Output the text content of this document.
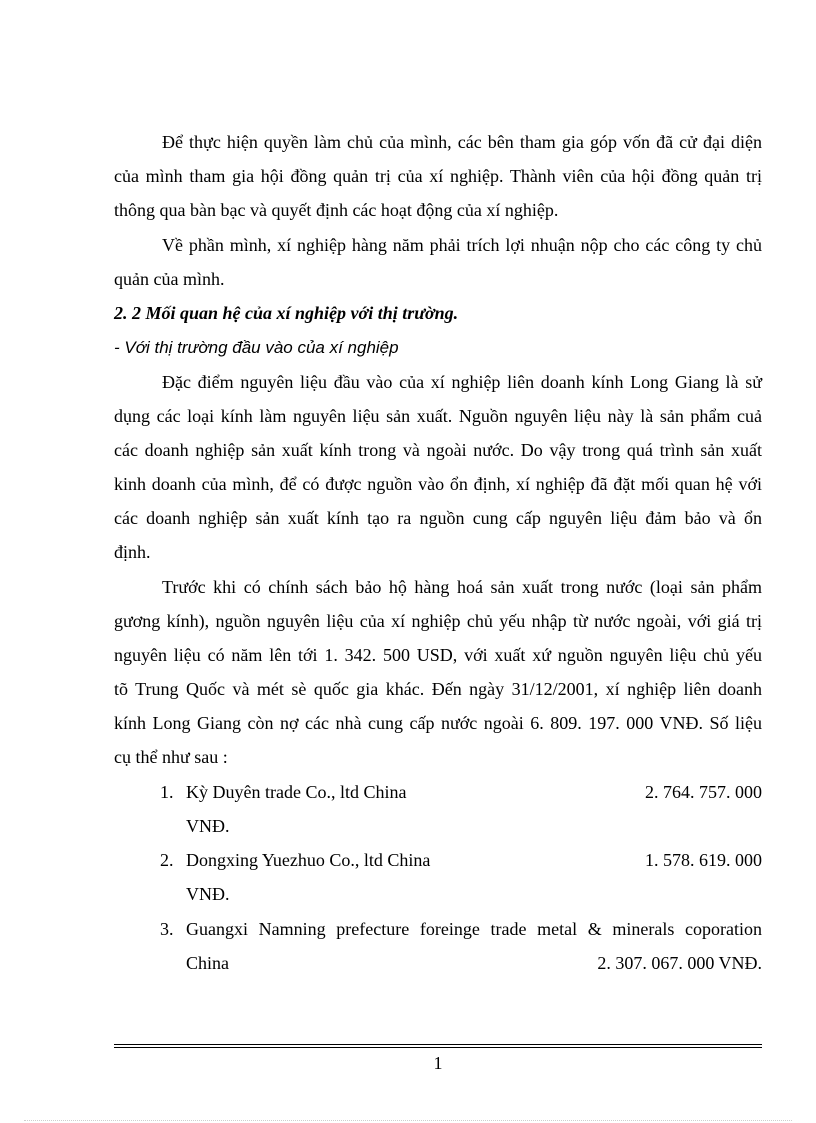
Để thực hiện quyền làm chủ của mình, các bên tham gia góp vốn đã cử đại diện
của mình tham gia hội đồng quản trị của xí nghiệp. Thành viên của hội đồng quản trị
thông qua bàn bạc và quyết định các hoạt động của xí nghiệp.
Về phần mình, xí nghiệp hàng năm phải trích lợi nhuận nộp cho các công ty chủ
quản của mình.
2. 2 Mối quan hệ của xí nghiệp với thị trường.
- Với thị trường đầu vào của xí nghiệp
Đặc điểm nguyên liệu đầu vào của xí nghiệp liên doanh kính Long Giang là sử
dụng các loại kính làm nguyên liệu sản xuất. Nguồn nguyên liệu này là sản phẩm cuả
các doanh nghiệp sản xuất kính trong và ngoài nước. Do vậy trong quá trình sản xuất
kinh doanh của mình, để có được nguồn vào ổn định, xí nghiệp đã đặt mối quan hệ với
các doanh nghiệp sản xuất kính tạo ra nguồn cung cấp nguyên liệu đảm bảo và ổn
định.
Trước khi có chính sách bảo hộ hàng hoá sản xuất trong nước (loại sản phẩm
gương kính), nguồn nguyên liệu của xí nghiệp chủ yếu nhập từ nước ngoài, với giá trị
nguyên liệu có năm lên tới 1. 342. 500 USD, với xuất xứ nguồn nguyên liệu chủ yếu
tõ Trung Quốc và mét sè quốc gia khác. Đến ngày 31/12/2001, xí nghiệp liên doanh
kính Long Giang còn nợ các nhà cung cấp nước ngoài 6. 809. 197. 000 VNĐ. Số liệu
cụ thể như sau :
1. Kỳ Duyên trade Co., ltd China	2. 764. 757. 000
VNĐ.
2. Dongxing Yuezhuo Co., ltd China	1. 578. 619. 000
VNĐ.
3. Guangxi Namning prefecture foreinge trade metal & minerals coporation
China	2. 307. 067. 000 VNĐ.
1
